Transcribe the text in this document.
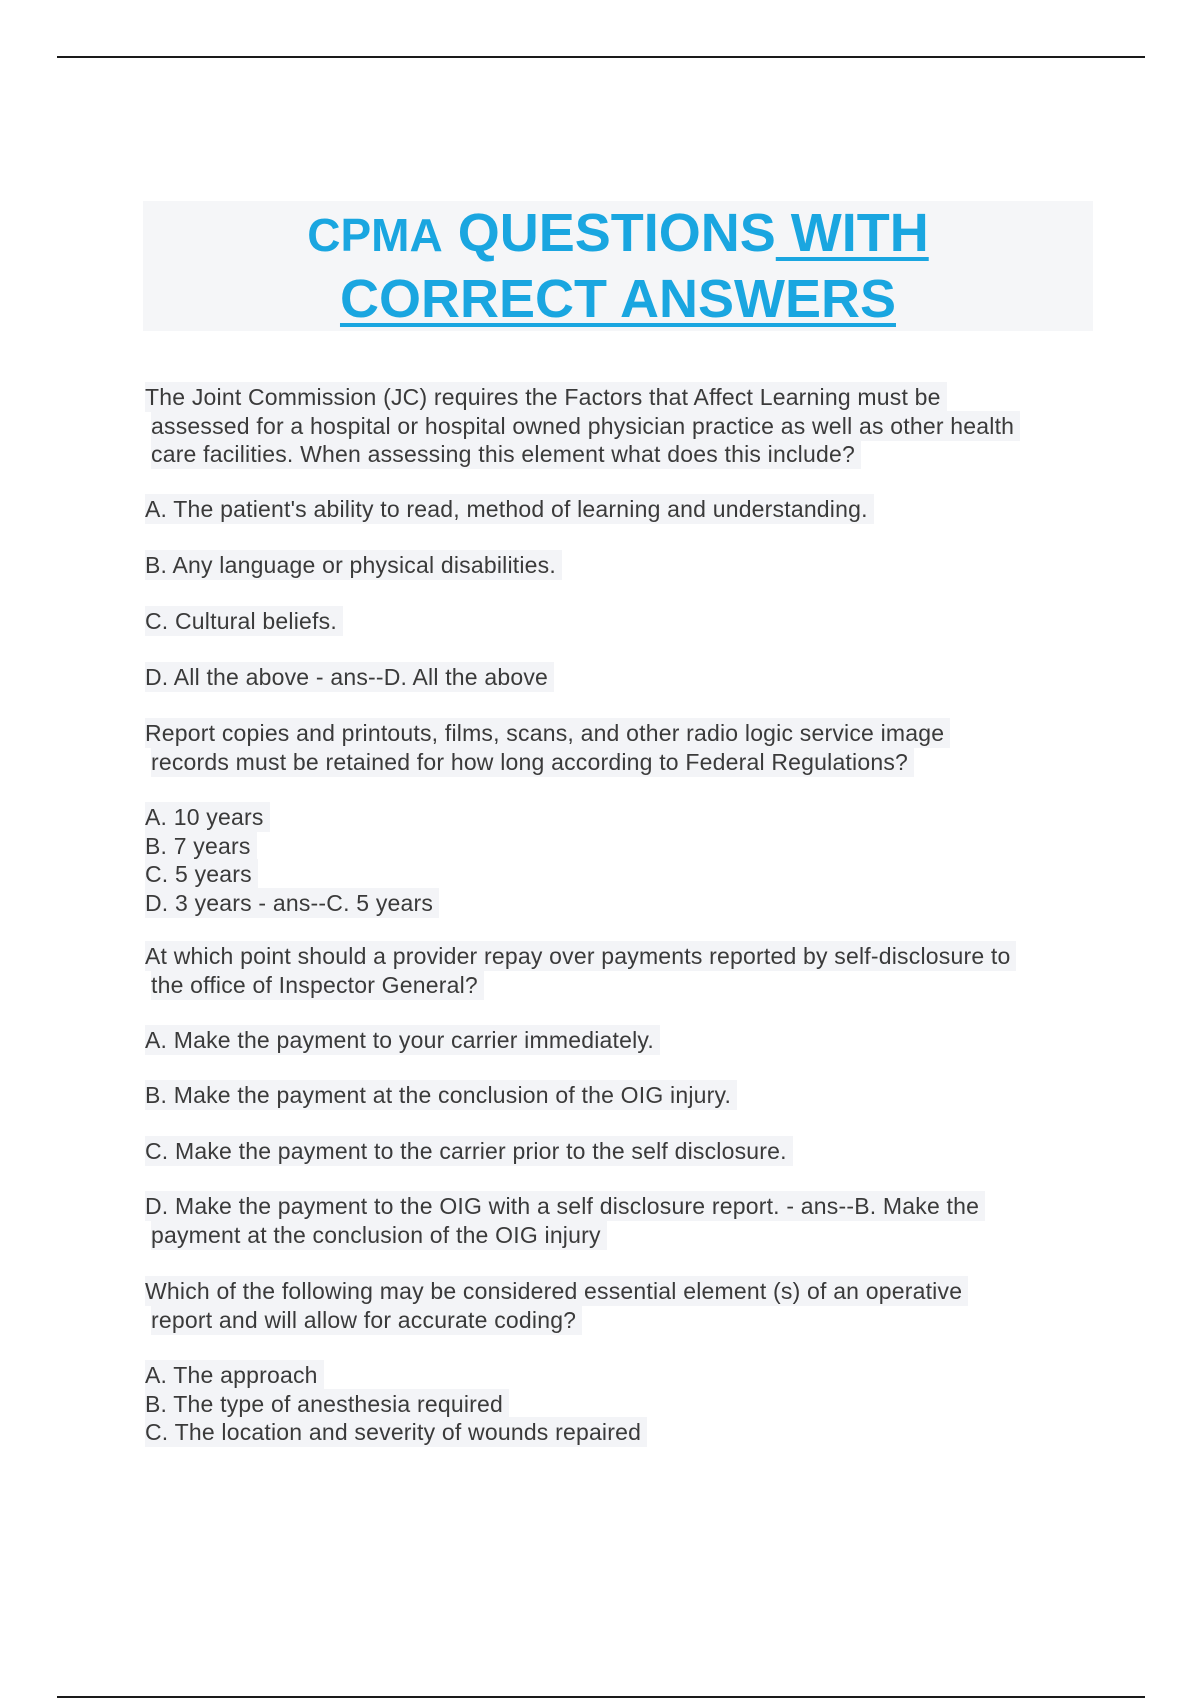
CPMA QUESTIONS WITH
CORRECT ANSWERS
The Joint Commission (JC) requires the Factors that Affect Learning must be
assessed for a hospital or hospital owned physician practice as well as other health
care facilities. When assessing this element what does this include?
A. The patient's ability to read, method of learning and understanding.
B. Any language or physical disabilities.
C. Cultural beliefs.
D. All the above - ans--D. All the above
Report copies and printouts, films, scans, and other radio logic service image
records must be retained for how long according to Federal Regulations?
A. 10 years
B. 7 years
C. 5 years
D. 3 years - ans--C. 5 years
At which point should a provider repay over payments reported by self-disclosure to
the office of Inspector General?
A. Make the payment to your carrier immediately.
B. Make the payment at the conclusion of the OIG injury.
C. Make the payment to the carrier prior to the self disclosure.
D. Make the payment to the OIG with a self disclosure report. - ans--B. Make the
payment at the conclusion of the OIG injury
Which of the following may be considered essential element (s) of an operative
report and will allow for accurate coding?
A. The approach
B. The type of anesthesia required
C. The location and severity of wounds repaired
